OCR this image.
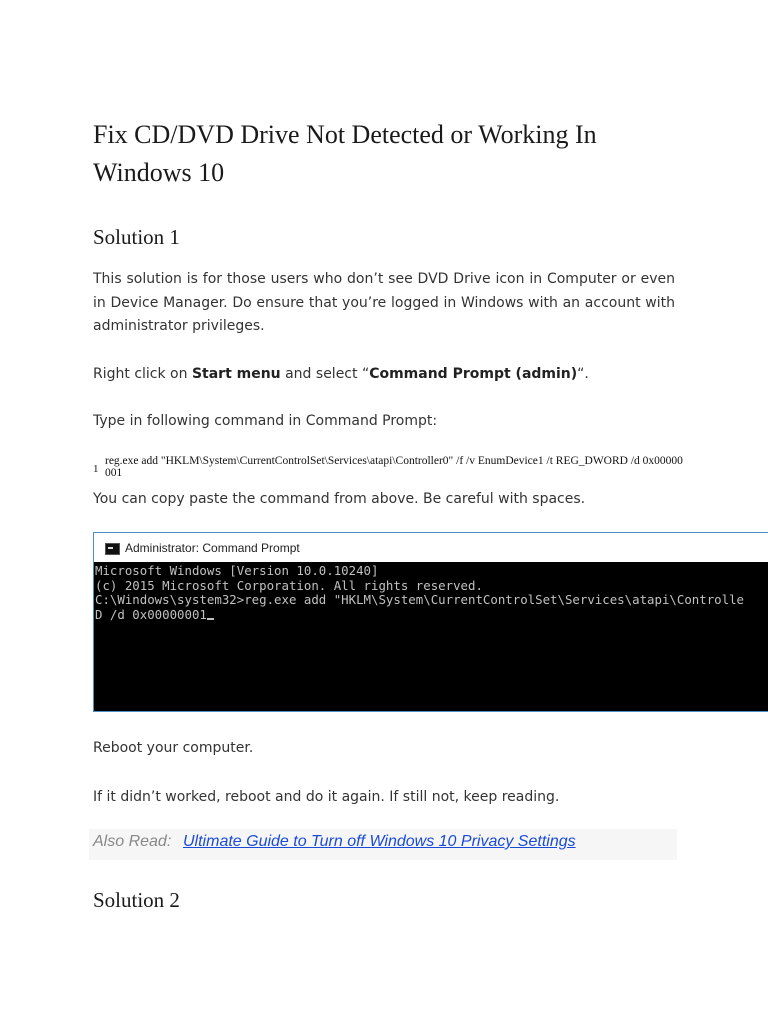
Fix CD/DVD Drive Not Detected or Working In Windows 10
Solution 1

This solution is for those users who don’t see DVD Drive icon in Computer or even in Device Manager. Do ensure that you’re logged in Windows with an account with administrator privileges.

Right click on Start menu and select “Command Prompt (admin)“.

Type in following command in Command Prompt:

1
reg.exe add "HKLM\System\CurrentControlSet\Services\atapi\Controller0" /f /v EnumDevice1 /t REG_DWORD /d 0x00000001

You can copy paste the command from above. Be careful with spaces.

Administrator: Command Prompt
Microsoft Windows [Version 10.0.10240]
(c) 2015 Microsoft Corporation. All rights reserved.
C:\Windows\system32>reg.exe add "HKLM\System\CurrentControlSet\Services\atapi\Controlle
D /d 0x00000001

Reboot your computer.

If it didn’t worked, reboot and do it again. If still not, keep reading.

Also Read: Ultimate Guide to Turn off Windows 10 Privacy Settings
Solution 2
